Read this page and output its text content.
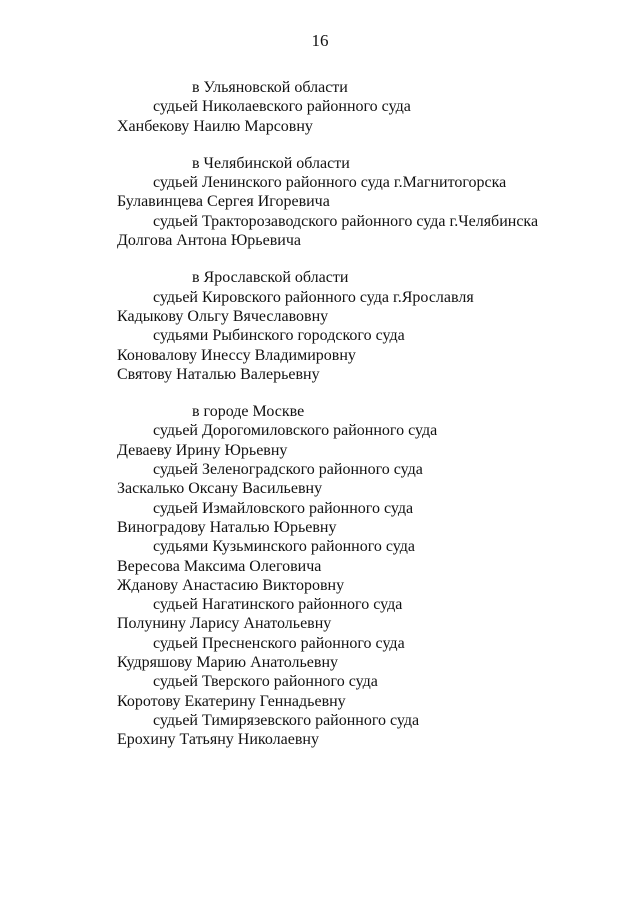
16
в Ульяновской области
судьей Николаевского районного суда
Ханбекову Наилю Марсовну
в Челябинской области
судьей Ленинского районного суда г.Магнитогорска
Булавинцева Сергея Игоревича
судьей Тракторозаводского районного суда г.Челябинска
Долгова Антона Юрьевича
в Ярославской области
судьей Кировского районного суда г.Ярославля
Кадыкову Ольгу Вячеславовну
судьями Рыбинского городского суда
Коновалову Инессу Владимировну
Святову Наталью Валерьевну
в городе Москве
судьей Дорогомиловского районного суда
Деваеву Ирину Юрьевну
судьей Зеленоградского районного суда
Заскалько Оксану Васильевну
судьей Измайловского районного суда
Виноградову Наталью Юрьевну
судьями Кузьминского районного суда
Вересова Максима Олеговича
Жданову Анастасию Викторовну
судьей Нагатинского районного суда
Полунину Ларису Анатольевну
судьей Пресненского районного суда
Кудряшову Марию Анатольевну
судьей Тверского районного суда
Коротову Екатерину Геннадьевну
судьей Тимирязевского районного суда
Ерохину Татьяну Николаевну
